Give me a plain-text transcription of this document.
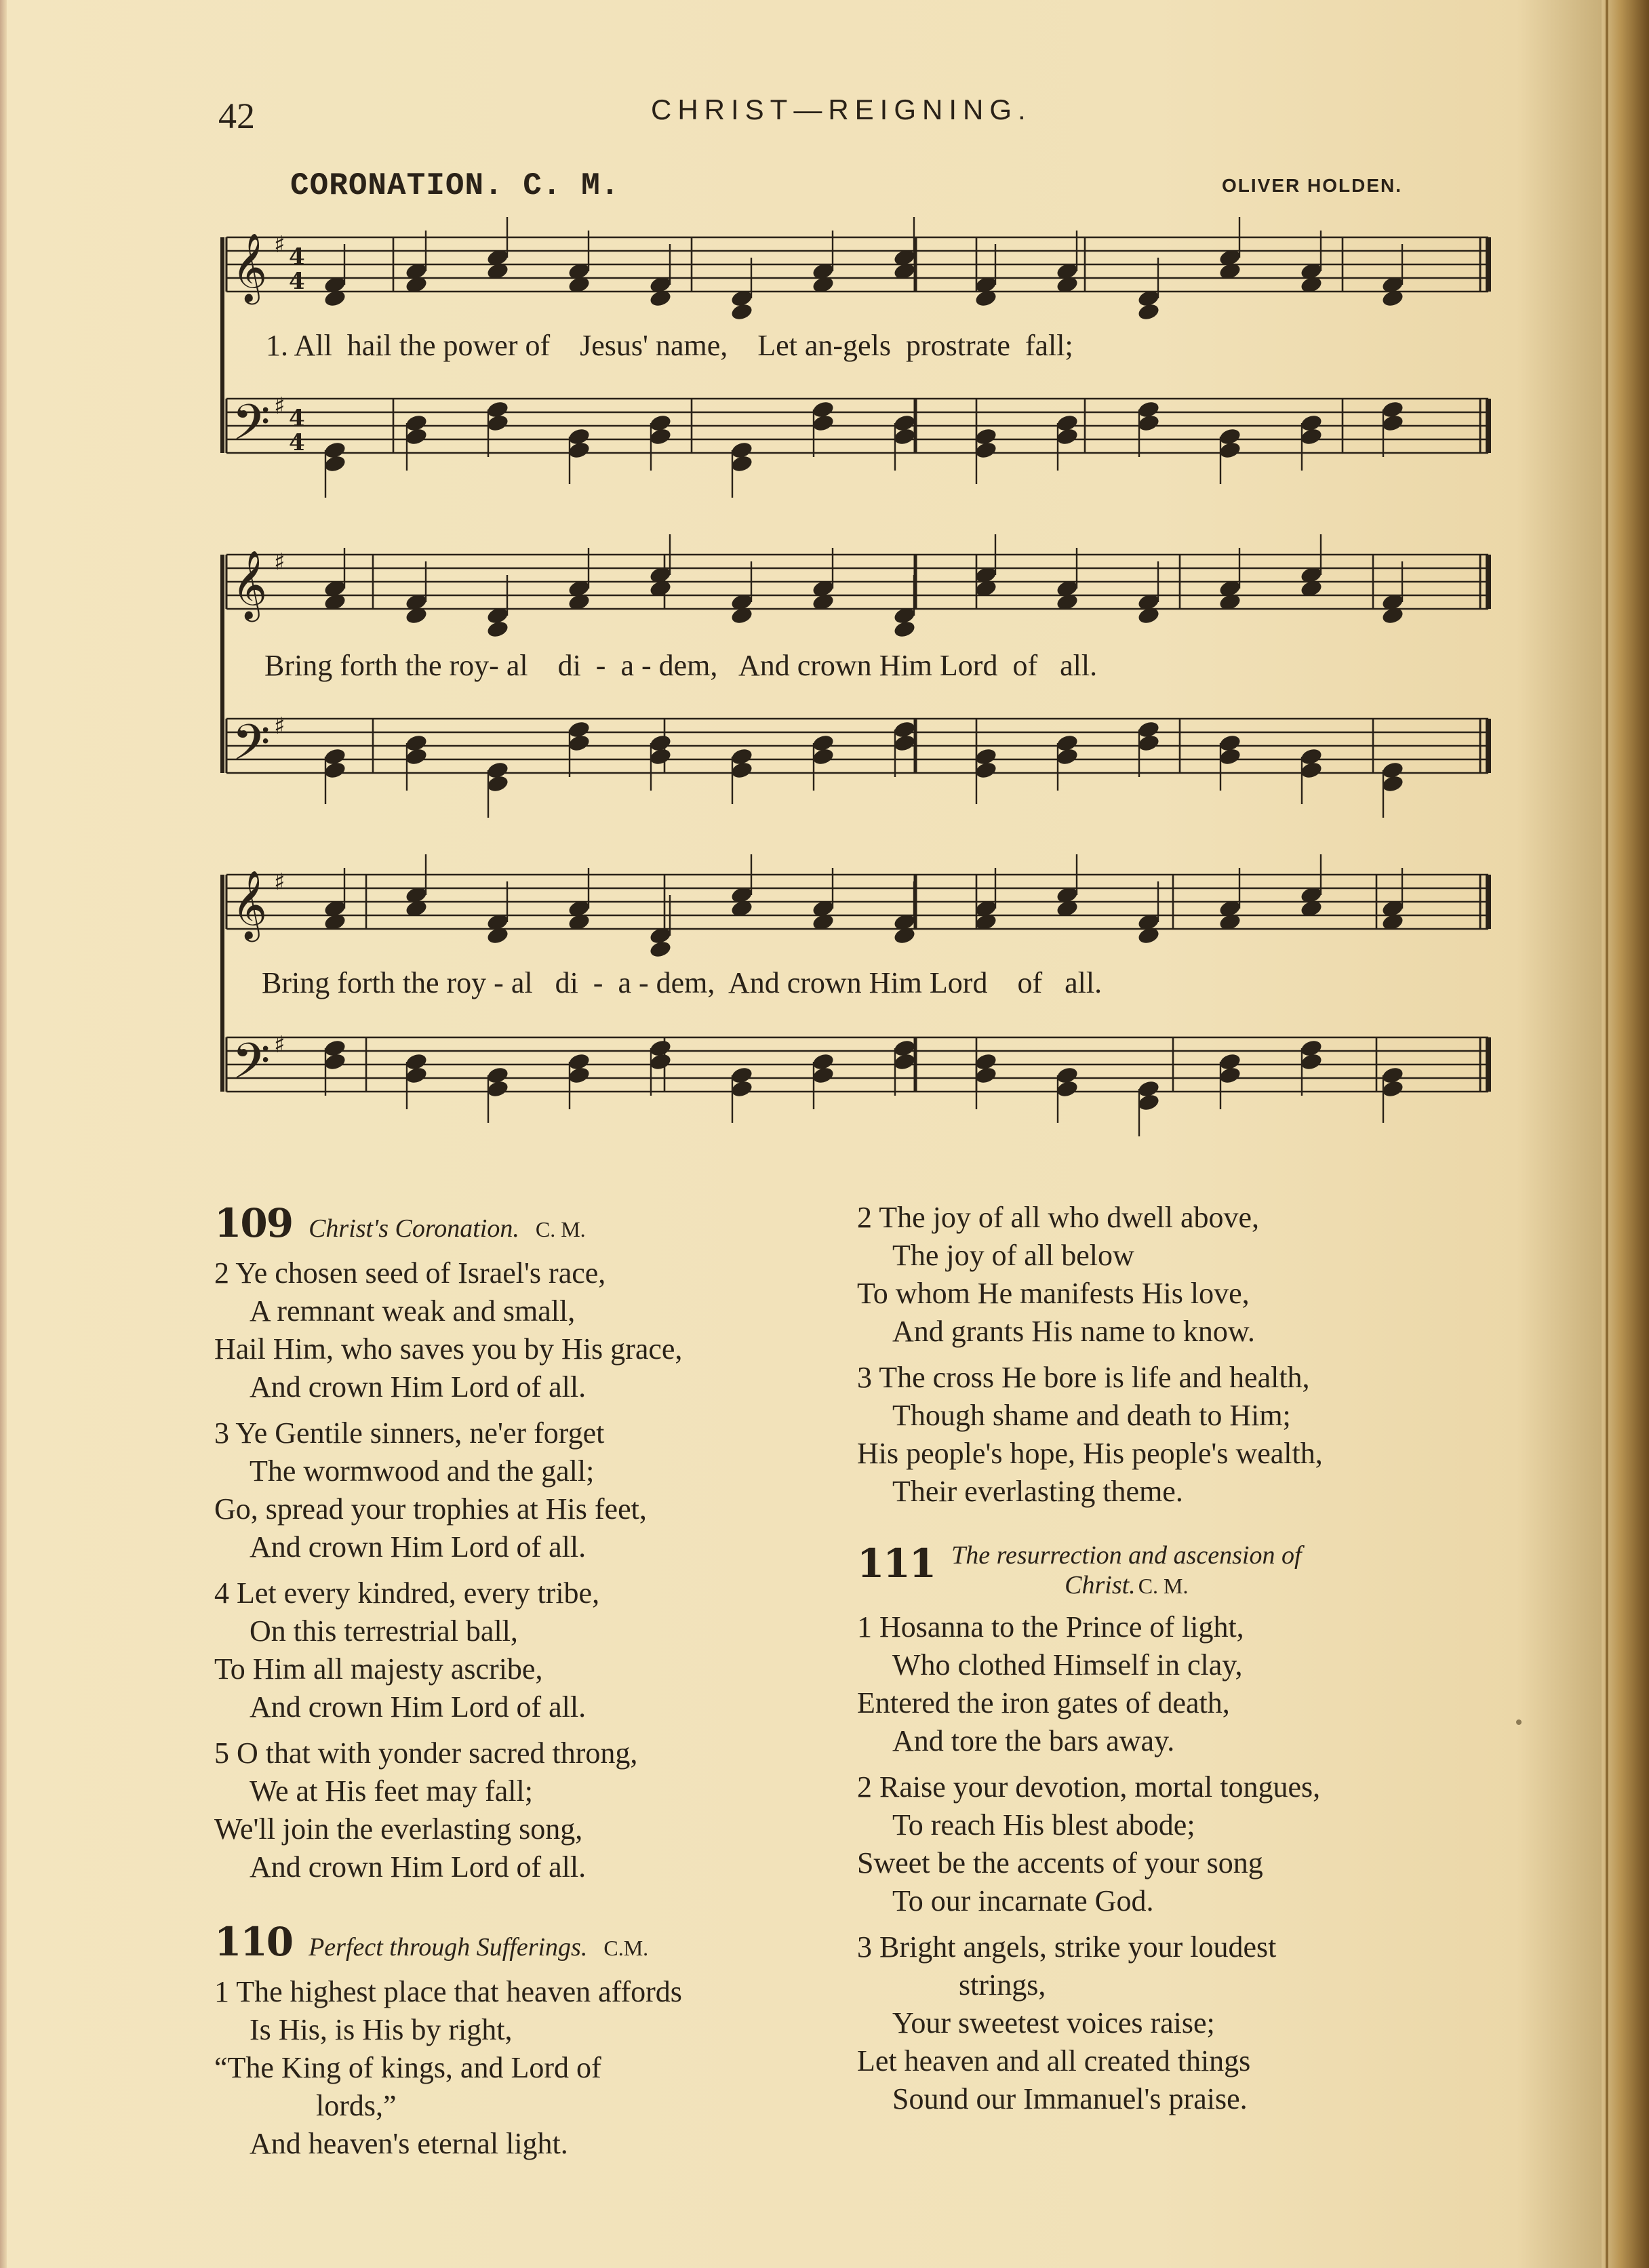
42	CHRIST—REIGNING.
CORONATION. C. M.	OLIVER HOLDEN.
𝄞 ♯ 4
4
𝄢 ♯ 4
4
𝄞 ♯
𝄢 ♯
𝄞 ♯
𝄢 ♯
1. All  hail the power of    Jesus' name,    Let an-gels  prostrate  fall;
Bring forth the roy- al    di  -  a - dem,   And crown Him Lord  of   all.
Bring forth the roy - al   di  -  a - dem,  And crown Him Lord    of   all.
109 Christ's Coronation. C. M.
2 Ye chosen seed of Israel's race,
A remnant weak and small,
Hail Him, who saves you by His grace,
And crown Him Lord of all.
3 Ye Gentile sinners, ne'er forget
The wormwood and the gall;
Go, spread your trophies at His feet,
And crown Him Lord of all.
4 Let every kindred, every tribe,
On this terrestrial ball,
To Him all majesty ascribe,
And crown Him Lord of all.
5 O that with yonder sacred throng,
We at His feet may fall;
We'll join the everlasting song,
And crown Him Lord of all.
110 Perfect through Sufferings. C.M.
1 The highest place that heaven affords
Is His, is His by right,
“The King of kings, and Lord of
lords,”
And heaven's eternal light.
2 The joy of all who dwell above,
The joy of all below
To whom He manifests His love,
And grants His name to know.
3 The cross He bore is life and health,
Though shame and death to Him;
His people's hope, His people's wealth,
Their everlasting theme.
111 The resurrection and ascension of
Christ. C. M.
1 Hosanna to the Prince of light,
Who clothed Himself in clay,
Entered the iron gates of death,
And tore the bars away.
2 Raise your devotion, mortal tongues,
To reach His blest abode;
Sweet be the accents of your song
To our incarnate God.
3 Bright angels, strike your loudest
strings,
Your sweetest voices raise;
Let heaven and all created things
Sound our Immanuel's praise.
